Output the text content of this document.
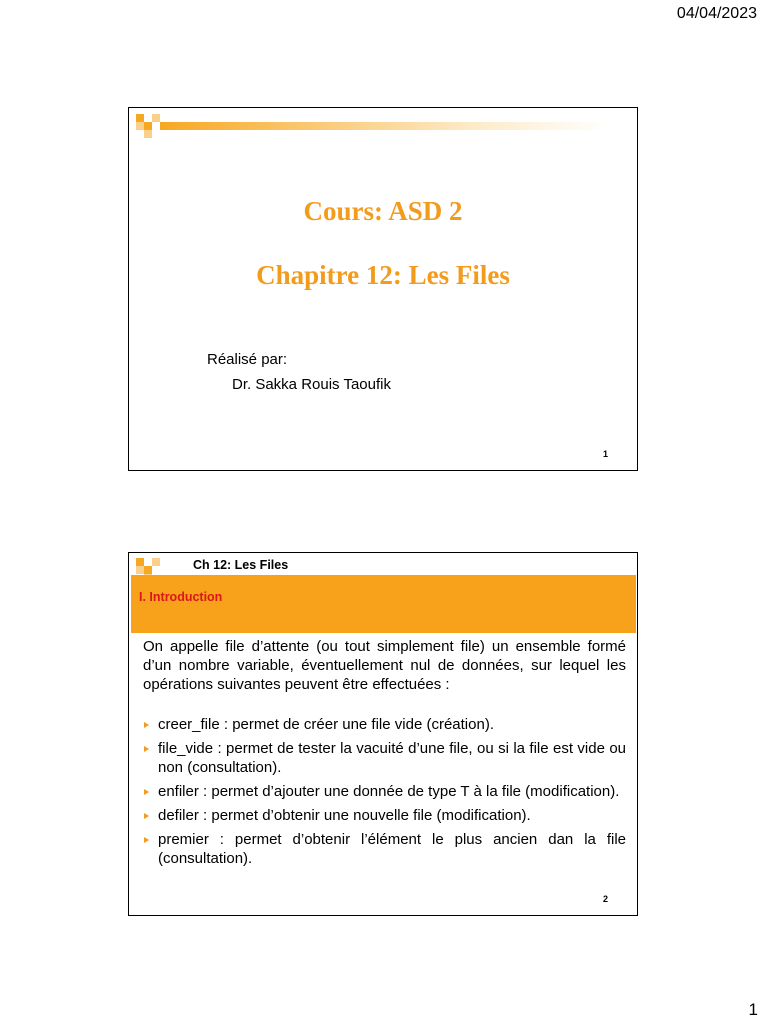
04/04/2023
Cours: ASD 2
Chapitre 12: Les Files
Réalisé par:
Dr. Sakka Rouis Taoufik
1
Ch 12: Les Files
I. Introduction

On appelle file d’attente (ou tout simplement file) un ensemble formé d’un nombre variable, éventuellement nul de données, sur lequel les opérations suivantes peuvent être effectuées :

creer_file : permet de créer une file vide (création).
file_vide : permet de tester la vacuité d’une file, ou si la file est vide ou non (consultation).
enfiler : permet d’ajouter une donnée de type T à la file (modification).
defiler : permet d’obtenir une nouvelle file (modification).
premier : permet d’obtenir l’élément le plus ancien dan la file (consultation).
2
1
